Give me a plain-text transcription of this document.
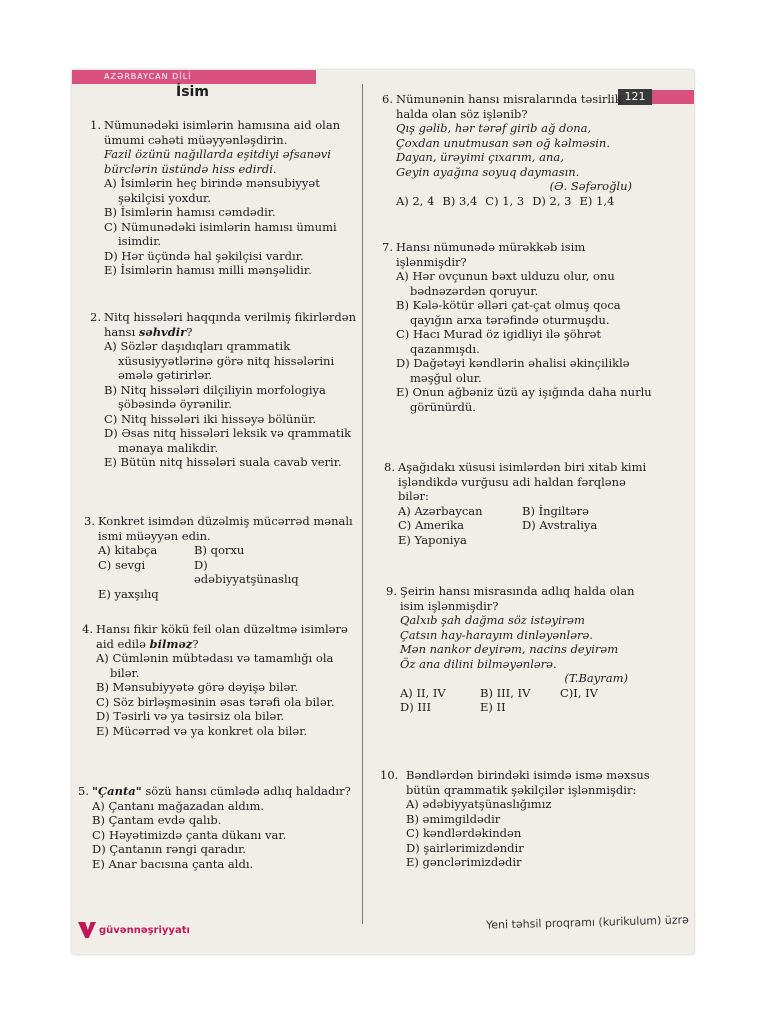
AZƏRBAYCAN DİLİ
121
İsim
1. Nümunədəki isimlərin hamısına aid olan ümumi cəhəti müəyyənləşdirin.
Fazil özünü nağıllarda eşitdiyi əfsanəvi bürclərin üstündə hiss edirdi.
A) İsimlərin heç birində mənsubiyyət şəkilçisi yoxdur.
B) İsimlərin hamısı cəmdədir.
C) Nümunədəki isimlərin hamısı ümumi isimdir.
D) Hər üçündə hal şəkilçisi vardır.
E) İsimlərin hamısı milli mənşəlidir.
2. Nitq hissələri haqqında verilmiş fikirlərdən hansı səhvdir?
A) Sözlər daşıdıqları qrammatik xüsusiyyətlərinə görə nitq hissələrini əmələ gətirirlər.
B) Nitq hissələri dilçiliyin morfologiya şöbəsində öyrənilir.
C) Nitq hissələri iki hissəyə bölünür.
D) Əsas nitq hissələri leksik və qrammatik mənaya malikdir.
E) Bütün nitq hissələri suala cavab verir.
3. Konkret isimdən düzəlmiş mücərrəd mənalı ismi müəyyən edin.
A) kitabça	B) qorxu
C) sevgi	D) ədəbiyyatşünaslıq
E) yaxşılıq
4. Hansı fikir kökü feil olan düzəltmə isimlərə aid edilə bilməz?
A) Cümlənin mübtədası və tamamlığı ola bilər.
B) Mənsubiyyətə görə dəyişə bilər.
C) Söz birləşməsinin əsas tərəfi ola bilər.
D) Təsirli və ya təsirsiz ola bilər.
E) Mücərrəd və ya konkret ola bilər.
5. "Çanta" sözü hansı cümlədə adlıq haldadır?
A) Çantanı mağazadan aldım.
B) Çantam evdə qalıb.
C) Həyətimizdə çanta dükanı var.
D) Çantanın rəngi qaradır.
E) Anar bacısına çanta aldı.
6. Nümunənin hansı misralarında təsirlik halda olan söz işlənib?
Qış gəlib, hər tərəf girib ağ dona,
Çoxdan unutmusan sən oğ kəlməsin.
Dayan, ürəyimi çıxarım, ana,
Geyin ayağına soyuq daymasın.
(Ə. Səfəroğlu)
A) 2, 4 B) 3,4 C) 1, 3 D) 2, 3 E) 1,4
7. Hansı nümunədə mürəkkəb isim işlənmişdir?
A) Hər ovçunun bəxt ulduzu olur, onu bədnəzərdən qoruyur.
B) Kələ-kötür əlləri çat-çat olmuş qoca qayığın arxa tərəfində oturmuşdu.
C) Hacı Murad öz igidliyi ilə şöhrət qazanmışdı.
D) Dağətəyi kəndlərin əhalisi əkinçiliklə məşğul olur.
E) Onun ağbəniz üzü ay işığında daha nurlu görünürdü.
8. Aşağıdakı xüsusi isimlərdən biri xitab kimi işləndikdə vurğusu adi haldan fərqlənə bilər:
A) Azərbaycan	B) İngiltərə
C) Amerika	D) Avstraliya
E) Yaponiya
9. Şeirin hansı misrasında adlıq halda olan isim işlənmişdir?
Qalxıb şah dağma söz istəyirəm
Çatsın hay-harayım dinləyənlərə.
Mən nankor deyirəm, nacins deyirəm
Öz ana dilini bilməyənlərə.
(T.Bayram)
A) II, IV	B) III, IV	C)I, IV
D) III	E) II
10. Bəndlərdən birindəki isimdə ismə məxsus bütün qrammatik şəkilçilər işlənmişdir:
A) ədəbiyyatşünaslığımız
B) əmimgildədir
C) kəndlərdəkindən
D) şairlərimizdəndir
E) gənclərimizdədir
güvənnəşriyyatı	Yeni təhsil proqramı (kurikulum) üzrə
